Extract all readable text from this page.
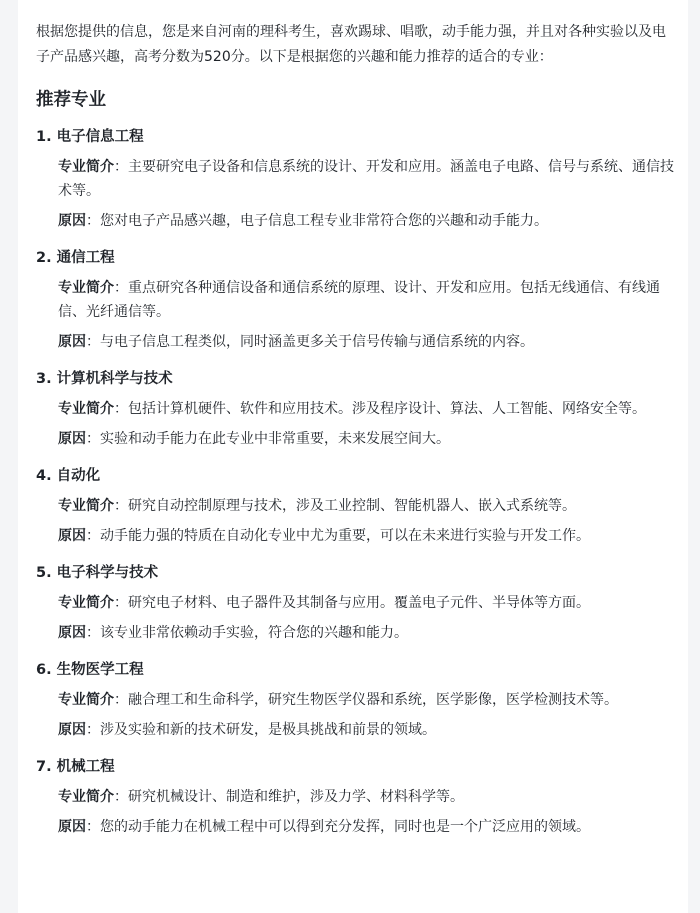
根据您提供的信息，您是来自河南的理科考生，喜欢踢球、唱歌，动手能力强，并且对各种实验以及电子产品感兴趣，高考分数为520分。以下是根据您的兴趣和能力推荐的适合的专业：

推荐专业
1. 电子信息工程
专业简介：主要研究电子设备和信息系统的设计、开发和应用。涵盖电子电路、信号与系统、通信技术等。
原因：您对电子产品感兴趣，电子信息工程专业非常符合您的兴趣和动手能力。
2. 通信工程
专业简介：重点研究各种通信设备和通信系统的原理、设计、开发和应用。包括无线通信、有线通信、光纤通信等。
原因：与电子信息工程类似，同时涵盖更多关于信号传输与通信系统的内容。
3. 计算机科学与技术
专业简介：包括计算机硬件、软件和应用技术。涉及程序设计、算法、人工智能、网络安全等。
原因：实验和动手能力在此专业中非常重要，未来发展空间大。
4. 自动化
专业简介：研究自动控制原理与技术，涉及工业控制、智能机器人、嵌入式系统等。
原因：动手能力强的特质在自动化专业中尤为重要，可以在未来进行实验与开发工作。
5. 电子科学与技术
专业简介：研究电子材料、电子器件及其制备与应用。覆盖电子元件、半导体等方面。
原因：该专业非常依赖动手实验，符合您的兴趣和能力。
6. 生物医学工程
专业简介：融合理工和生命科学，研究生物医学仪器和系统，医学影像，医学检测技术等。
原因：涉及实验和新的技术研发，是极具挑战和前景的领域。
7. 机械工程
专业简介：研究机械设计、制造和维护，涉及力学、材料科学等。
原因：您的动手能力在机械工程中可以得到充分发挥，同时也是一个广泛应用的领域。
